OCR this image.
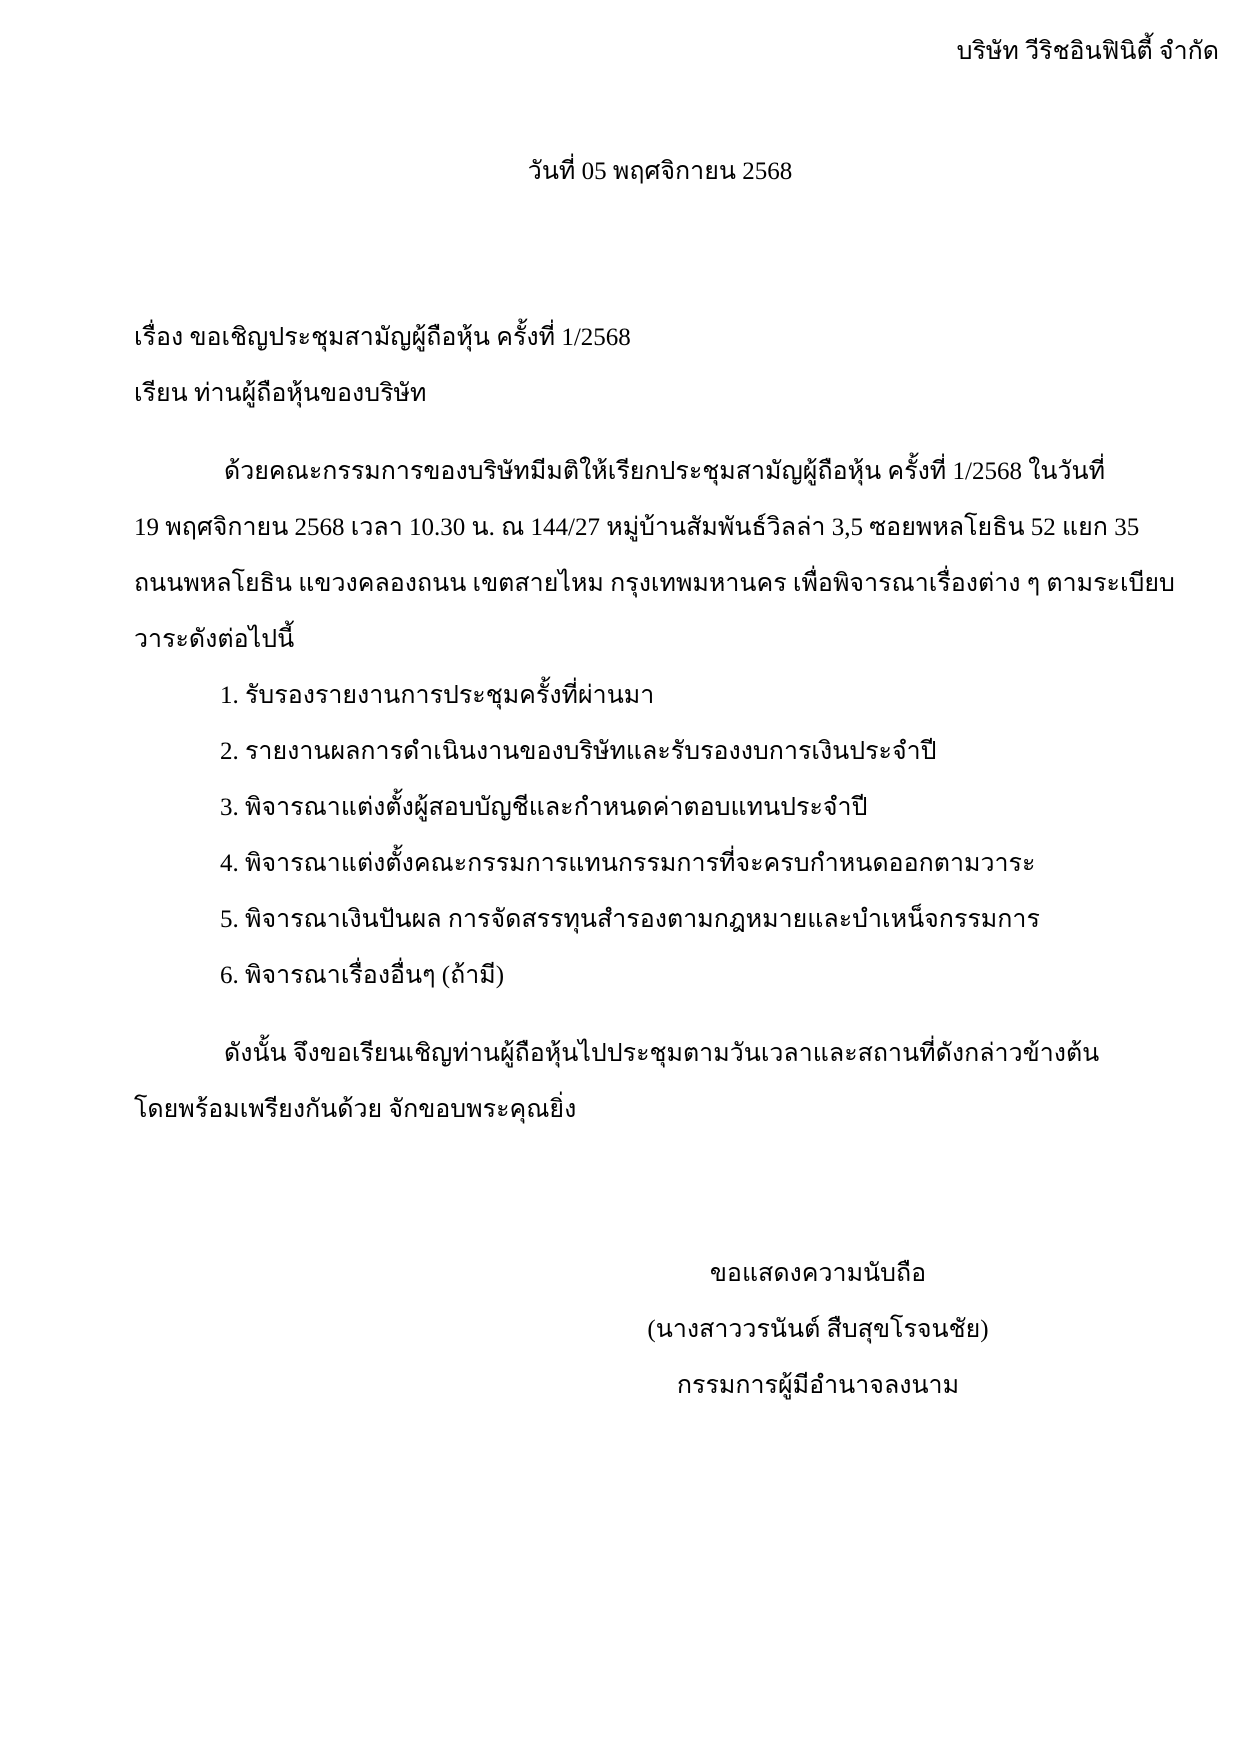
บริษัท วีริชอินฟินิตี้ จำกัด
วันที่ 05 พฤศจิกายน 2568
เรื่อง ขอเชิญประชุมสามัญผู้ถือหุ้น ครั้งที่ 1/2568
เรียน ท่านผู้ถือหุ้นของบริษัท
ด้วยคณะกรรมการของบริษัทมีมติให้เรียกประชุมสามัญผู้ถือหุ้น ครั้งที่ 1/2568 ในวันที่
19 พฤศจิกายน 2568 เวลา 10.30 น. ณ 144/27 หมู่บ้านสัมพันธ์วิลล่า 3,5 ซอยพหลโยธิน 52 แยก 35
ถนนพหลโยธิน แขวงคลองถนน เขตสายไหม กรุงเทพมหานคร เพื่อพิจารณาเรื่องต่าง ๆ ตามระเบียบ
วาระดังต่อไปนี้
1. รับรองรายงานการประชุมครั้งที่ผ่านมา
2. รายงานผลการดำเนินงานของบริษัทและรับรองงบการเงินประจำปี
3. พิจารณาแต่งตั้งผู้สอบบัญชีและกำหนดค่าตอบแทนประจำปี
4. พิจารณาแต่งตั้งคณะกรรมการแทนกรรมการที่จะครบกำหนดออกตามวาระ
5. พิจารณาเงินปันผล การจัดสรรทุนสำรองตามกฎหมายและบำเหน็จกรรมการ
6. พิจารณาเรื่องอื่นๆ (ถ้ามี)
ดังนั้น จึงขอเรียนเชิญท่านผู้ถือหุ้นไปประชุมตามวันเวลาและสถานที่ดังกล่าวข้างต้น
โดยพร้อมเพรียงกันด้วย จักขอบพระคุณยิ่ง
ขอแสดงความนับถือ
(นางสาววรนันต์ สืบสุขโรจนชัย)
กรรมการผู้มีอำนาจลงนาม
